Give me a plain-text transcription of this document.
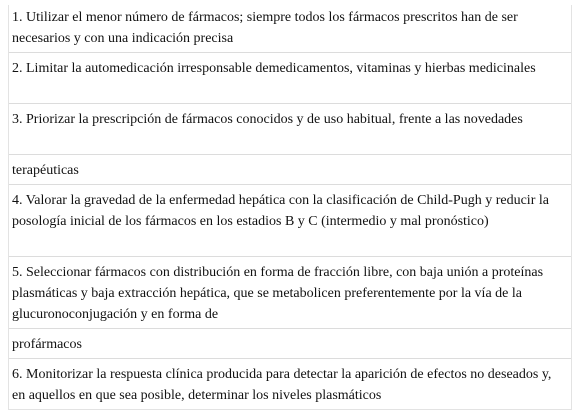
1. Utilizar el menor número de fármacos; siempre todos los fármacos prescritos han de ser necesarios y con una indicación precisa
2. Limitar la automedicación irresponsable demedicamentos, vitaminas y hierbas medicinales
3. Priorizar la prescripción de fármacos conocidos y de uso habitual, frente a las novedades
terapéuticas
4. Valorar la gravedad de la enfermedad hepática con la clasificación de Child-Pugh y reducir la posología inicial de los fármacos en los estadios B y C (intermedio y mal pronóstico)
5. Seleccionar fármacos con distribución en forma de fracción libre, con baja unión a proteínas plasmáticas y baja extracción hepática, que se metabolicen preferentemente por la vía de la glucuronoconjugación y en forma de
profármacos
6. Monitorizar la respuesta clínica producida para detectar la aparición de efectos no deseados y, en aquellos en que sea posible, determinar los niveles plasmáticos
